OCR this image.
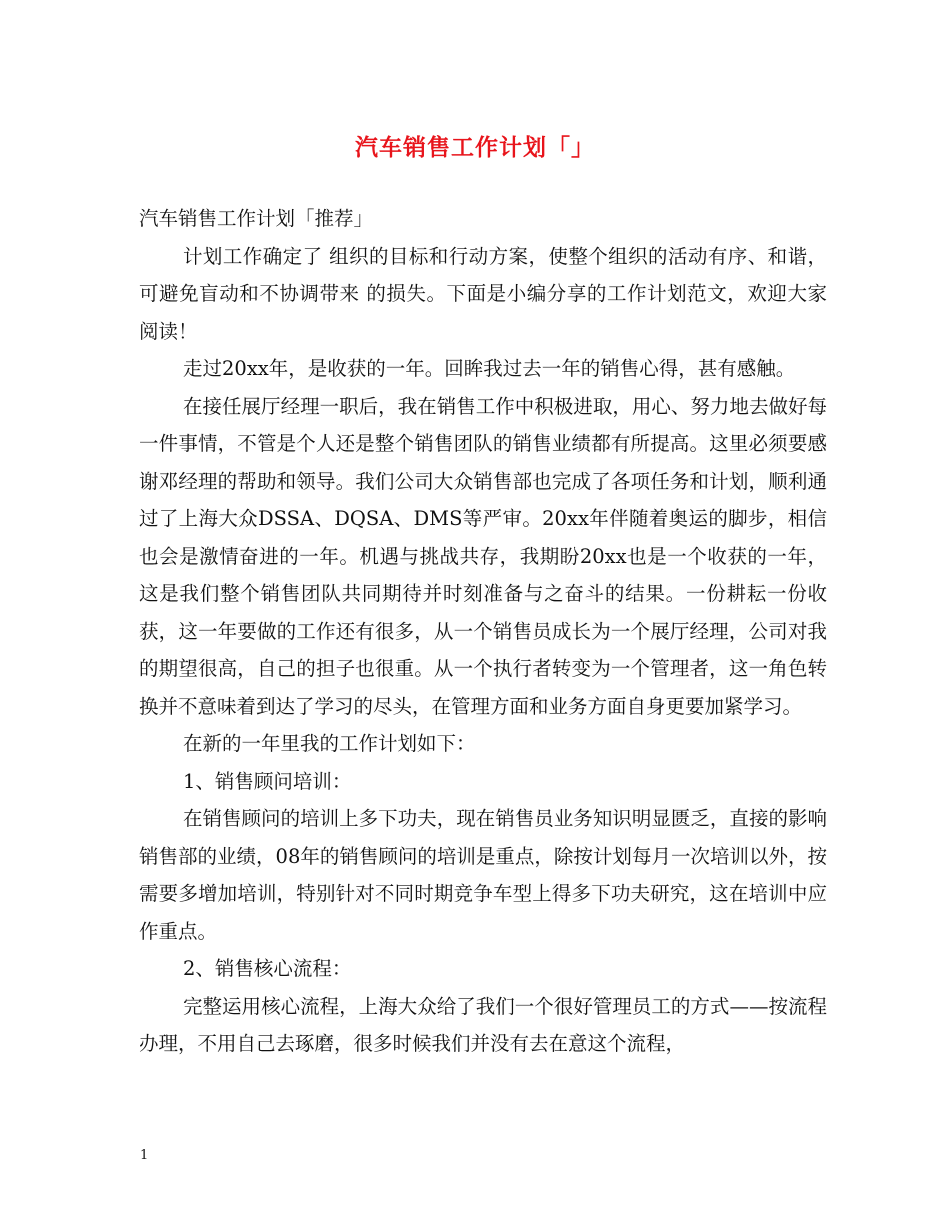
汽车销售工作计划「」

汽车销售工作计划「推荐」

计划工作确定了 组织的目标和行动方案，使整个组织的活动有序、和谐，可避免盲动和不协调带来 的损失。下面是小编分享的工作计划范文，欢迎大家阅读！

走过20xx年，是收获的一年。回眸我过去一年的销售心得，甚有感触。

在接任展厅经理一职后，我在销售工作中积极进取，用心、努力地去做好每一件事情，不管是个人还是整个销售团队的销售业绩都有所提高。这里必须要感谢邓经理的帮助和领导。我们公司大众销售部也完成了各项任务和计划，顺利通过了上海大众DSSA、DQSA、DMS等严审。20xx年伴随着奥运的脚步，相信也会是激情奋进的一年。机遇与挑战共存，我期盼20xx也是一个收获的一年，这是我们整个销售团队共同期待并时刻准备与之奋斗的结果。一份耕耘一份收获，这一年要做的工作还有很多，从一个销售员成长为一个展厅经理，公司对我的期望很高，自己的担子也很重。从一个执行者转变为一个管理者，这一角色转换并不意味着到达了学习的尽头，在管理方面和业务方面自身更要加紧学习。

在新的一年里我的工作计划如下：

1、销售顾问培训：

在销售顾问的培训上多下功夫，现在销售员业务知识明显匮乏，直接的影响销售部的业绩，08年的销售顾问的培训是重点，除按计划每月一次培训以外，按需要多增加培训，特别针对不同时期竞争车型上得多下功夫研究，这在培训中应作重点。

2、销售核心流程：

完整运用核心流程，上海大众给了我们一个很好管理员工的方式——按流程办理，不用自己去琢磨，很多时候我们并没有去在意这个流程，

1
